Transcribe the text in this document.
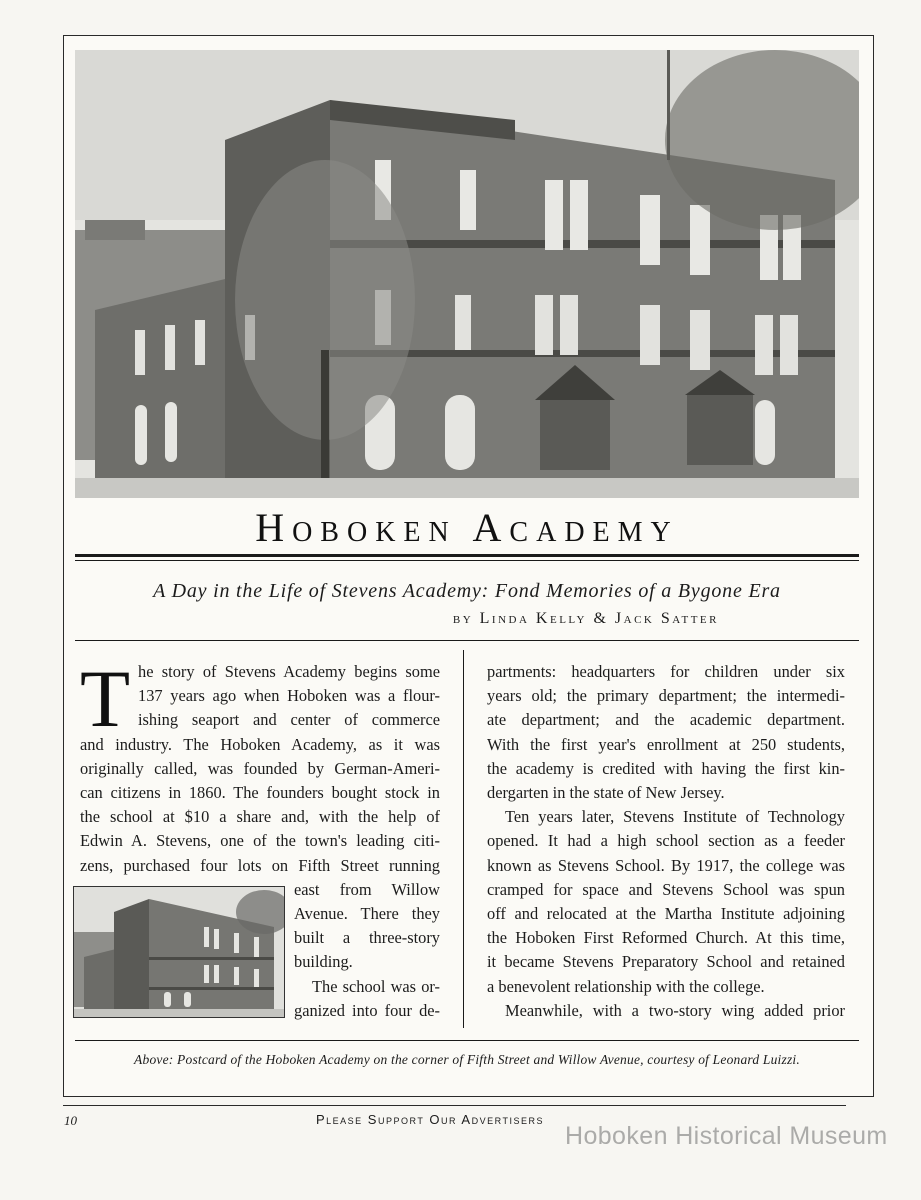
Hoboken Academy
A Day in the Life of Stevens Academy: Fond Memories of a Bygone Era
by Linda Kelly & Jack Satter
T he story of Stevens Academy begins some
137 years ago when Hoboken was a flour-
ishing seaport and center of commerce
and industry. The Hoboken Academy, as it was
originally called, was founded by German-Ameri-
can citizens in 1860. The founders bought stock in
the school at $10 a share and, with the help of
Edwin A. Stevens, one of the town's leading citi-
zens, purchased four lots on Fifth Street running
east from Willow
Avenue. There they
built a three-story
building.
The school was or-
ganized into four de-
partments: headquarters for children under six
years old; the primary department; the intermedi-
ate department; and the academic department.
With the first year's enrollment at 250 students,
the academy is credited with having the first kin-
dergarten in the state of New Jersey.
Ten years later, Stevens Institute of Technology
opened. It had a high school section as a feeder
known as Stevens School. By 1917, the college was
cramped for space and Stevens School was spun
off and relocated at the Martha Institute adjoining
the Hoboken First Reformed Church. At this time,
it became Stevens Preparatory School and retained
a benevolent relationship with the college.
Meanwhile, with a two-story wing added prior
Above: Postcard of the Hoboken Academy on the corner of Fifth Street and Willow Avenue, courtesy of Leonard Luizzi.
10	Please Support Our Advertisers
Hoboken Historical Museum
